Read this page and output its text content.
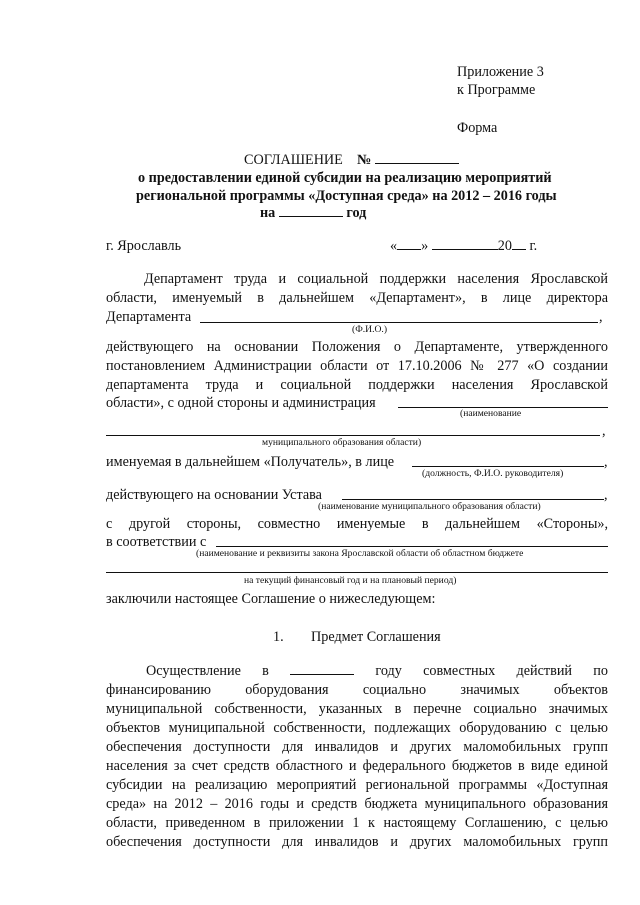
Приложение 3
к Программе
Форма
СОГЛАШЕНИЕ №
о предоставлении единой субсидии на реализацию мероприятий
региональной программы «Доступная среда» на 2012 – 2016 годы
на	год
г. Ярославль	« »	20 г.
Департамент труда и социальной поддержки населения Ярославской
области, именуемый в дальнейшем «Департамент», в лице директора
Департамента	,
(Ф.И.О.)
действующего на основании Положения о Департаменте, утвержденного
постановлением Администрации области от 17.10.2006 № 277 «О создании
департамента труда и социальной поддержки населения Ярославской
области», с одной стороны и администрация
(наименование
,
муниципального образования области)
именуемая в дальнейшем «Получатель», в лице	,
(должность, Ф.И.О. руководителя)
действующего на основании Устава	,
(наименование муниципального образования области)
с другой стороны, совместно именуемые в дальнейшем «Стороны»,
в соответствии с
(наименование и реквизиты закона Ярославской области об областном бюджете
на текущий финансовый год и на плановый период)
заключили настоящее Соглашение о нижеследующем:
1. Предмет Соглашения
Осуществление в	году совместных действий по
финансированию оборудования социально значимых объектов
муниципальной собственности, указанных в перечне социально значимых
объектов муниципальной собственности, подлежащих оборудованию с целью
обеспечения доступности для инвалидов и других маломобильных групп
населения за счет средств областного и федерального бюджетов в виде единой
субсидии на реализацию мероприятий региональной программы «Доступная
среда» на 2012 – 2016 годы и средств бюджета муниципального образования
области, приведенном в приложении 1 к настоящему Соглашению, с целью
обеспечения доступности для инвалидов и других маломобильных групп
